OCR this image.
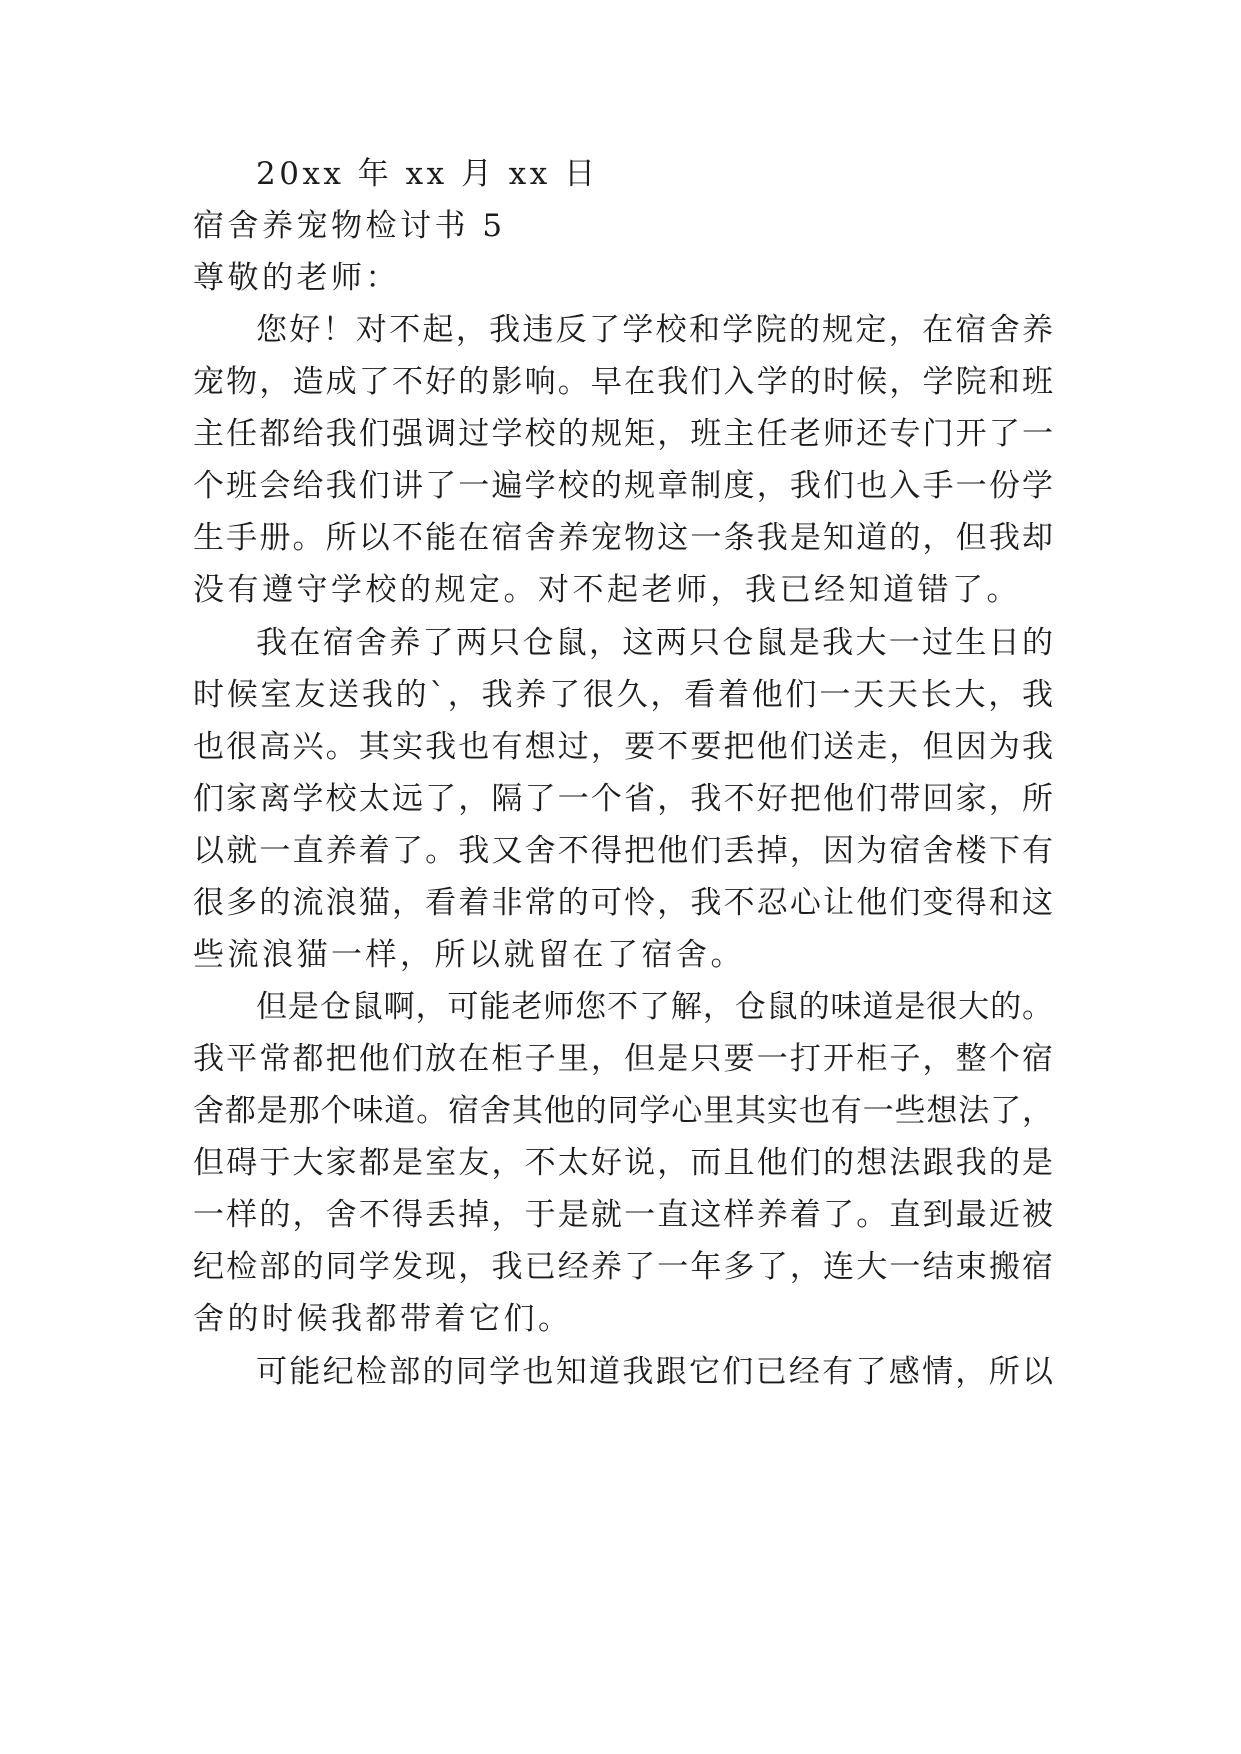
20xx 年 xx 月 xx 日
宿舍养宠物检讨书 5
尊敬的老师：
您好！对不起，我违反了学校和学院的规定，在宿舍养
宠物，造成了不好的影响。早在我们入学的时候，学院和班
主任都给我们强调过学校的规矩，班主任老师还专门开了一
个班会给我们讲了一遍学校的规章制度，我们也入手一份学
生手册。所以不能在宿舍养宠物这一条我是知道的，但我却
没有遵守学校的规定。对不起老师，我已经知道错了。
我在宿舍养了两只仓鼠，这两只仓鼠是我大一过生日的
时候室友送我的`，我养了很久，看着他们一天天长大，我
也很高兴。其实我也有想过，要不要把他们送走，但因为我
们家离学校太远了，隔了一个省，我不好把他们带回家，所
以就一直养着了。我又舍不得把他们丢掉，因为宿舍楼下有
很多的流浪猫，看着非常的可怜，我不忍心让他们变得和这
些流浪猫一样，所以就留在了宿舍。
但是仓鼠啊，可能老师您不了解，仓鼠的味道是很大的。
我平常都把他们放在柜子里，但是只要一打开柜子，整个宿
舍都是那个味道。宿舍其他的同学心里其实也有一些想法了，
但碍于大家都是室友，不太好说，而且他们的想法跟我的是
一样的，舍不得丢掉，于是就一直这样养着了。直到最近被
纪检部的同学发现，我已经养了一年多了，连大一结束搬宿
舍的时候我都带着它们。
可能纪检部的同学也知道我跟它们已经有了感情，所以
